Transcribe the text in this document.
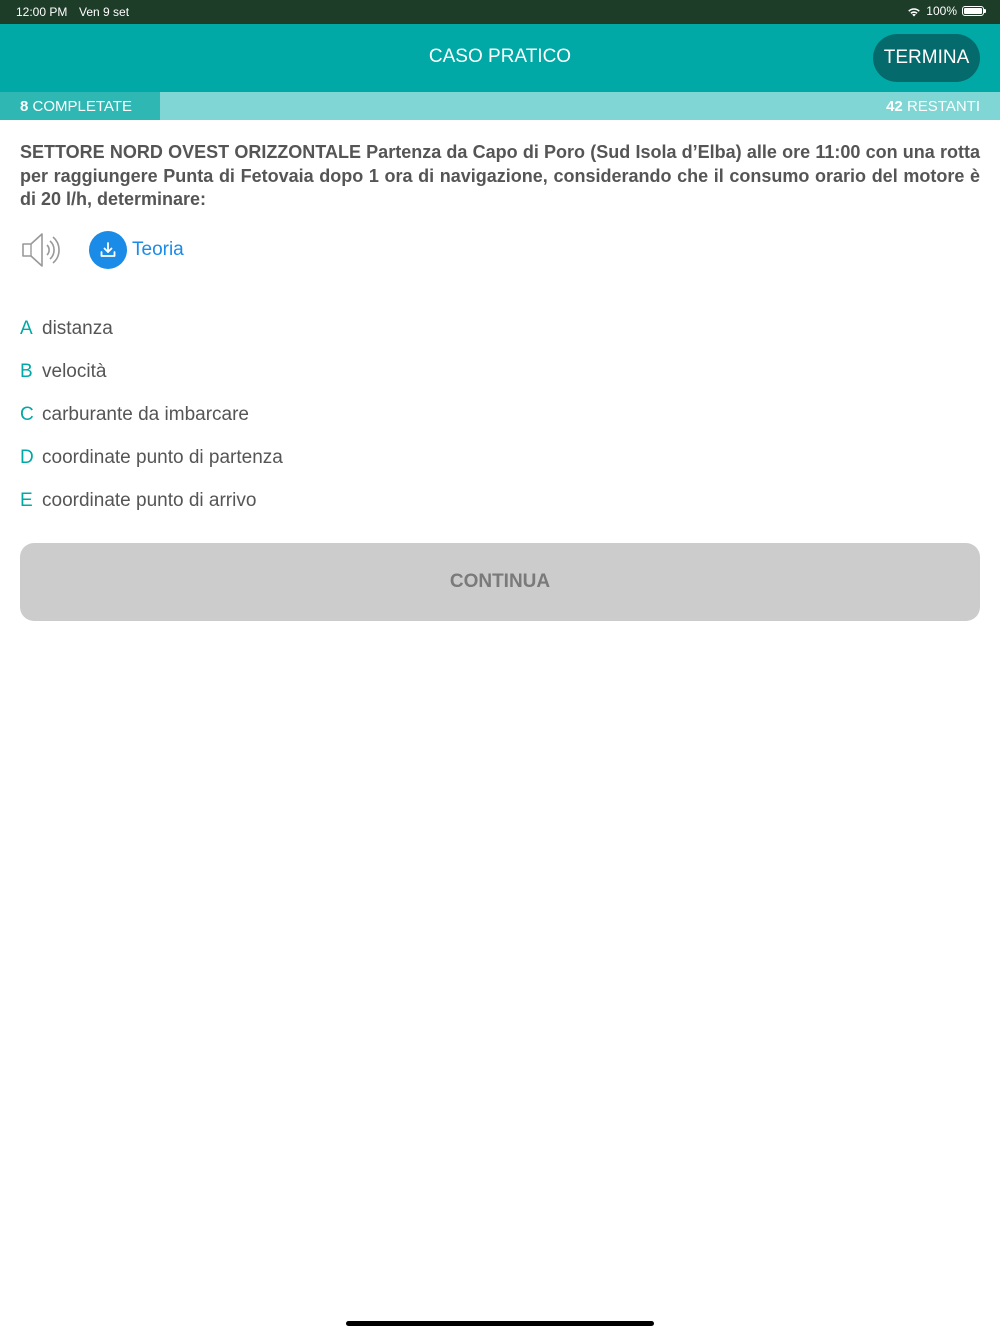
12:00 PM Ven 9 set	100%
CASO PRATICO	TERMINA
8 COMPLETATE	42 RESTANTI
SETTORE NORD OVEST ORIZZONTALE Partenza da Capo di Poro (Sud Isola d’Elba) alle ore 11:00 con una rotta per raggiungere Punta di Fetovaia dopo 1 ora di navigazione, considerando che il consumo orario del motore è di 20 l/h, determinare:
Teoria
A distanza
B velocità
C carburante da imbarcare
D coordinate punto di partenza
E coordinate punto di arrivo
CONTINUA
